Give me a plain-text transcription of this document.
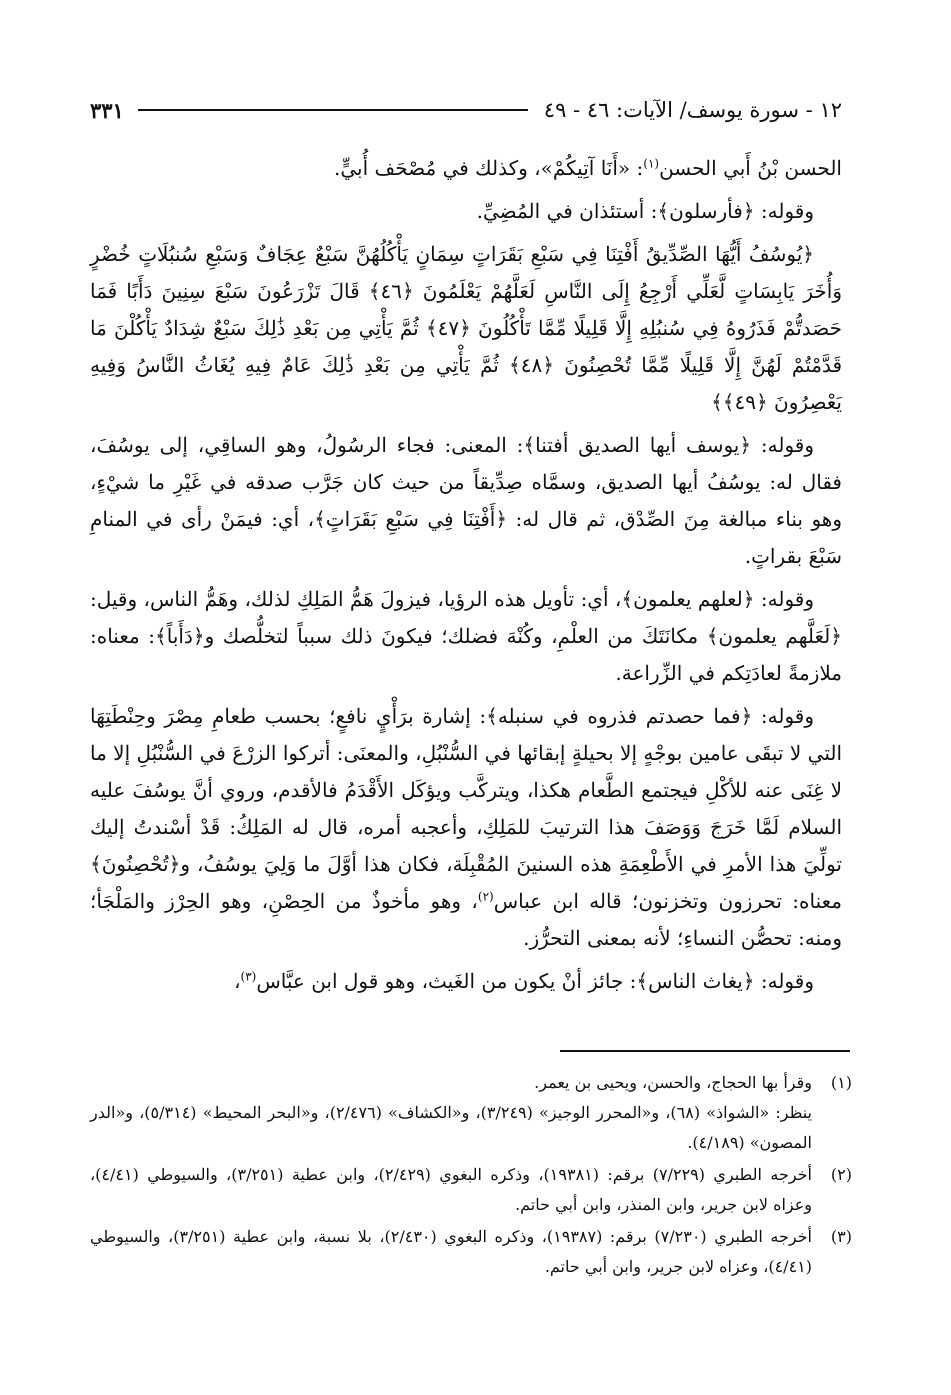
١٢ - سورة يوسف/ الآيات: ٤٦ - ٤٩
٣٣١

الحسن بْنُ أَبي الحسن$^{(١)}$: «أَنَا آتِيكُمْ»، وكذلك في مُصْحَف أُبيٍّ.

وقوله: ﴿فأرسلون﴾: أستئذان في المُضِيِّ.

﴿يُوسُفُ أَيُّهَا الصِّدِّيقُ أَفْتِنَا فِي سَبْعِ بَقَرَاتٍ سِمَانٍ يَأْكُلُهُنَّ سَبْعٌ عِجَافٌ وَسَبْعِ سُنبُلَاتٍ خُضْرٍ وَأُخَرَ يَابِسَاتٍ لَّعَلِّي أَرْجِعُ إِلَى النَّاسِ لَعَلَّهُمْ يَعْلَمُونَ ﴿٤٦﴾ قَالَ تَزْرَعُونَ سَبْعَ سِنِينَ دَأَبًا فَمَا حَصَدتُّمْ فَذَرُوهُ فِي سُنبُلِهِ إِلَّا قَلِيلًا مِّمَّا تَأْكُلُونَ ﴿٤٧﴾ ثُمَّ يَأْتِي مِن بَعْدِ ذَٰلِكَ سَبْعٌ شِدَادٌ يَأْكُلْنَ مَا قَدَّمْتُمْ لَهُنَّ إِلَّا قَلِيلًا مِّمَّا تُحْصِنُونَ ﴿٤٨﴾ ثُمَّ يَأْتِي مِن بَعْدِ ذَٰلِكَ عَامٌ فِيهِ يُغَاثُ النَّاسُ وَفِيهِ يَعْصِرُونَ ﴿٤٩﴾﴾

وقوله: ﴿يوسف أيها الصديق أفتنا﴾: المعنى: فجاء الرسُولُ، وهو الساقِي، إلى يوسُفَ، فقال له: يوسُفُ أيها الصديق، وسمَّاه صِدِّيقاً من حيث كان جَرَّب صدقه في غَيْرِ ما شيْءٍ، وهو بناء مبالغة مِنَ الصِّدْق، ثم قال له: ﴿أَفْتِنَا فِي سَبْعِ بَقَرَاتٍ﴾، أي: فيمَنْ رأى في المنامِ سَبْعَ بقراتٍ.

وقوله: ﴿لعلهم يعلمون﴾، أي: تأويل هذه الرؤيا، فيزولَ هَمُّ المَلِكِ لذلك، وهَمُّ الناس، وقيل: ﴿لَعَلَّهم يعلمون﴾ مكانَتَكَ من العلْمِ، وكُنْهَ فضلك؛ فيكونَ ذلك سبباً لتخلُّصك و﴿دَأَباً﴾: معناه: ملازمةً لعادَتِكم في الزِّراعة.

وقوله: ﴿فما حصدتم فذروه في سنبله﴾: إشارة برَأْيٍ نافعٍ؛ بحسب طعامِ مِصْرَ وحِنْطَتِهَا التي لا تبقَى عامين بوجْهٍ إلا بحيلةٍ إبقائها في السُّنْبُلِ، والمعنَى: أتركوا الزرْعَ في السُّنْبُلِ إلا ما لا غِنَى عنه للأكْلِ فيجتمع الطَّعام هكذا، ويترکَّب ويؤكَل الأَقْدَمُ فالأقدم، وروي أنَّ يوسُفَ عليه السلام لَمَّا خَرَجَ وَوَصَفَ هذا الترتيبَ للمَلِكِ، وأعجبه أمره، قال له المَلِكُ: قَدْ أسْندتُ إليك تولِّيَ هذا الأمرِ في الأَطْعِمَةِ هذه السنينَ المُقْبِلَة، فكان هذا أوَّلَ ما وَلِيَ يوسُفُ، و﴿تُحْصِنُونَ﴾ معناه: تحرزون وتخزنون؛ قاله ابن عباس$^{(٢)}$، وهو مأخوذٌ من الحِصْنِ، وهو الحِرْز والمَلْجَأ؛ ومنه: تحصُّن النساءِ؛ لأنه بمعنى التحرُّز.

وقوله: ﴿يغاث الناس﴾: جائز أنْ يكون من الغَيث، وهو قول ابن عبَّاس$^{(٣)}$،

(١)
وقرأ بها الحجاج، والحسن، ويحيى بن يعمر.
ينظر: «الشواذ» (٦٨)، و«المحرر الوجيز» (٣/٢٤٩)، و«الكشاف» (٢/٤٧٦)، و«البحر المحيط» (٥/٣١٤)، و«الدر المصون» (٤/١٨٩).
(٢)
أخرجه الطبري (٧/٢٢٩) برقم: (١٩٣٨١)، وذكره البغوي (٢/٤٢٩)، وابن عطية (٣/٢٥١)، والسيوطي (٤/٤١)، وعزاه لابن جرير، وابن المنذر، وابن أبي حاتم.
(٣)
أخرجه الطبري (٧/٢٣٠) برقم: (١٩٣٨٧)، وذكره البغوي (٢/٤٣٠)، بلا نسبة، وابن عطية (٣/٢٥١)، والسيوطي (٤/٤١)، وعزاه لابن جرير، وابن أبي حاتم.
